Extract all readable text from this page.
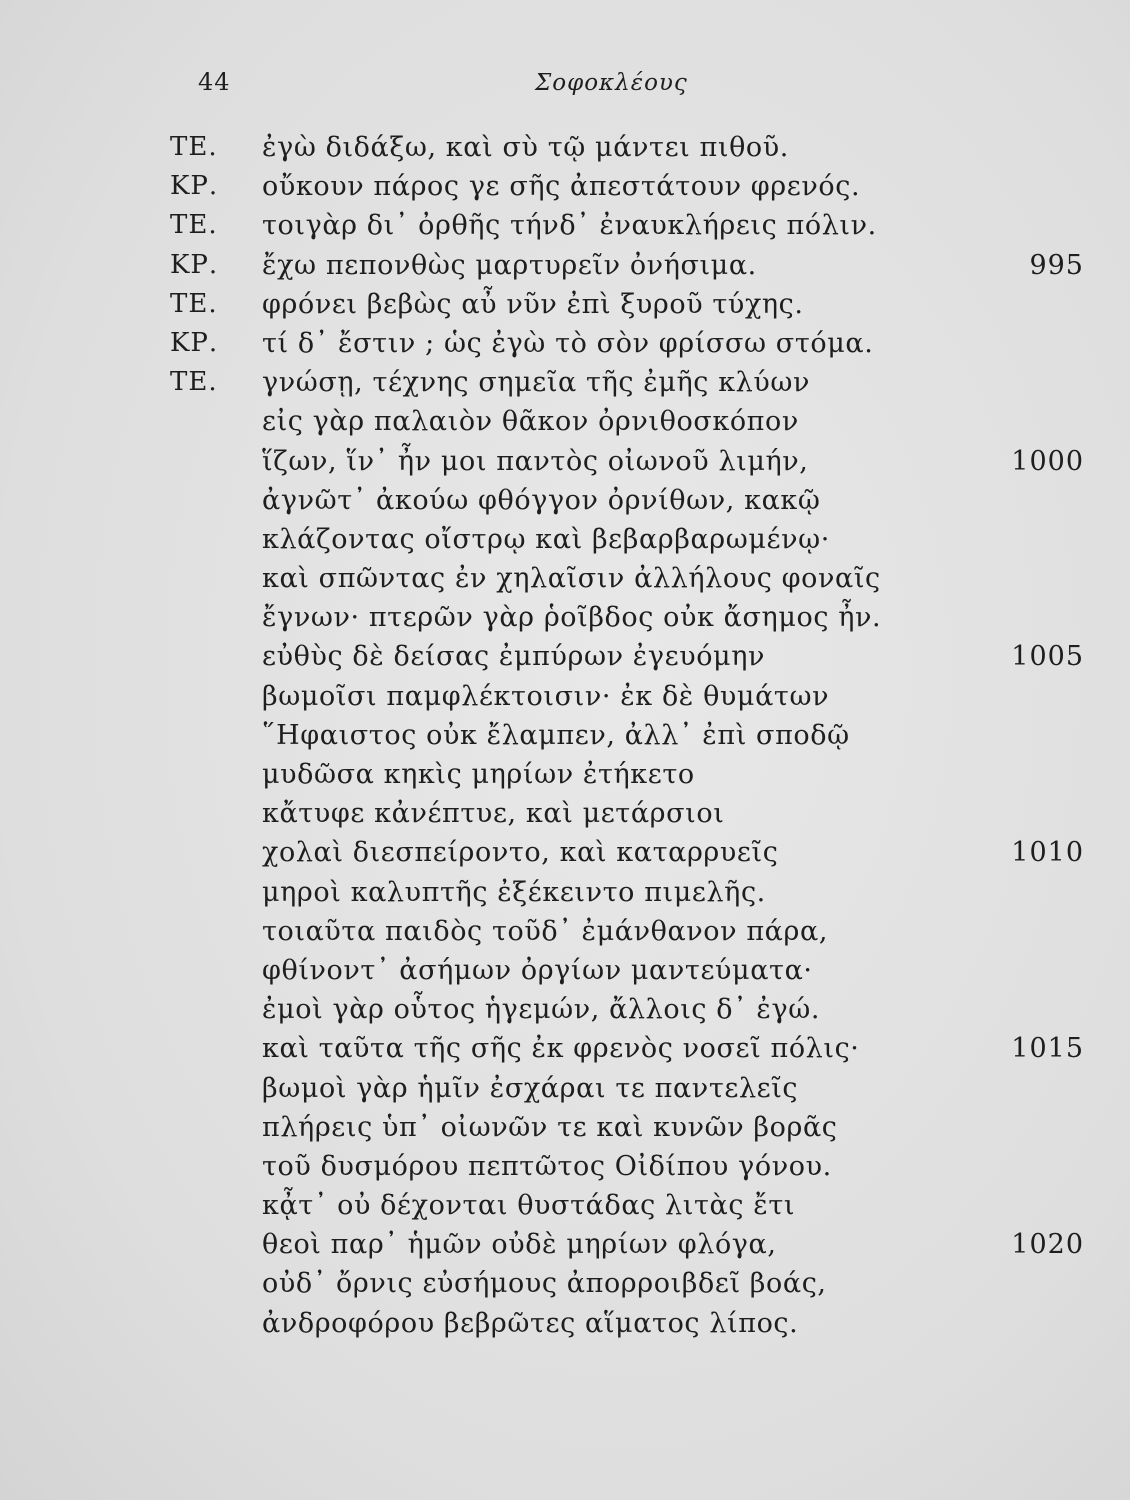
44	Σοφοκλέους
ΤΕ. ἐγὼ διδάξω, καὶ σὺ τῷ μάντει πιθοῦ.
ΚΡ. οὔκουν πάρος γε σῆς ἀπεστάτουν φρενός.
ΤΕ. τοιγὰρ δι᾽ ὀρθῆς τήνδ᾽ ἐναυκλήρεις πόλιν.
ΚΡ. ἔχω πεπονθὼς μαρτυρεῖν ὀνήσιμα.	995
ΤΕ. φρόνει βεβὼς αὖ νῦν ἐπὶ ξυροῦ τύχης.
ΚΡ. τί δ᾽ ἔστιν ; ὡς ἐγὼ τὸ σὸν φρίσσω στόμα.
ΤΕ. γνώσῃ, τέχνης σημεῖα τῆς ἐμῆς κλύων
εἰς γὰρ παλαιὸν θᾶκον ὀρνιθοσκόπον
ἵζων, ἵν᾽ ἦν μοι παντὸς οἰωνοῦ λιμήν,	1000
ἀγνῶτ᾽ ἀκούω φθόγγον ὀρνίθων, κακῷ
κλάζοντας οἴστρῳ καὶ βεβαρβαρωμένῳ·
καὶ σπῶντας ἐν χηλαῖσιν ἀλλήλους φοναῖς
ἔγνων· πτερῶν γὰρ ῥοῖβδος οὐκ ἄσημος ἦν.
εὐθὺς δὲ δείσας ἐμπύρων ἐγευόμην	1005
βωμοῖσι παμφλέκτοισιν· ἐκ δὲ θυμάτων
῞Ηφαιστος οὐκ ἔλαμπεν, ἀλλ᾽ ἐπὶ σποδῷ
μυδῶσα κηκὶς μηρίων ἐτήκετο
κἄτυφε κἀνέπτυε, καὶ μετάρσιοι
χολαὶ διεσπείροντο, καὶ καταρρυεῖς	1010
μηροὶ καλυπτῆς ἐξέκειντο πιμελῆς.
τοιαῦτα παιδὸς τοῦδ᾽ ἐμάνθανον πάρα,
φθίνοντ᾽ ἀσήμων ὀργίων μαντεύματα·
ἐμοὶ γὰρ οὗτος ἡγεμών, ἄλλοις δ᾽ ἐγώ.
καὶ ταῦτα τῆς σῆς ἐκ φρενὸς νοσεῖ πόλις·	1015
βωμοὶ γὰρ ἡμῖν ἐσχάραι τε παντελεῖς
πλήρεις ὑπ᾽ οἰωνῶν τε καὶ κυνῶν βορᾶς
τοῦ δυσμόρου πεπτῶτος Οἰδίπου γόνου.
κᾆτ᾽ οὐ δέχονται θυστάδας λιτὰς ἔτι
θεοὶ παρ᾽ ἡμῶν οὐδὲ μηρίων φλόγα,	1020
οὐδ᾽ ὄρνις εὐσήμους ἀπορροιβδεῖ βοάς,
ἀνδροφόρου βεβρῶτες αἵματος λίπος.
